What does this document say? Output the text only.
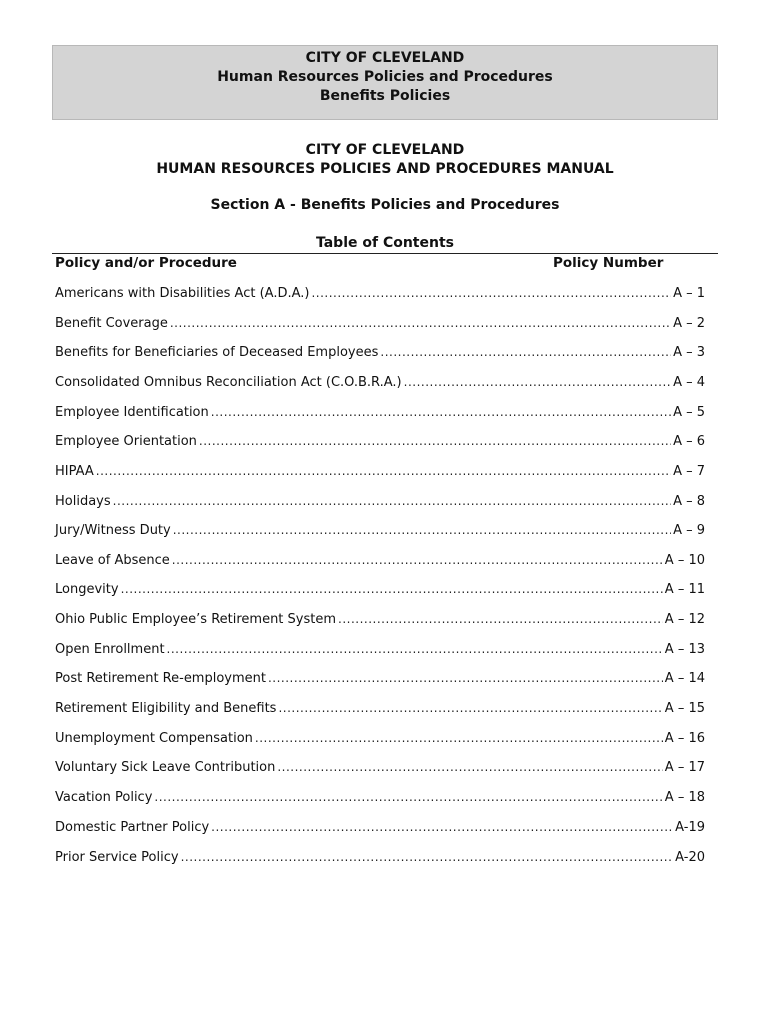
CITY OF CLEVELAND
Human Resources Policies and Procedures
Benefits Policies
CITY OF CLEVELAND
HUMAN RESOURCES POLICIES AND PROCEDURES MANUAL
Section A - Benefits Policies and Procedures
Table of Contents
Policy and/or Procedure	Policy Number
Americans with Disabilities Act (A.D.A.) .....	A – 1
Benefit Coverage .....	A – 2
Benefits for Beneficiaries of Deceased Employees .....	A – 3
Consolidated Omnibus Reconciliation Act (C.O.B.R.A.) .....	A – 4
Employee Identification .....	A – 5
Employee Orientation .....	A – 6
HIPAA .....	A – 7
Holidays .....	A – 8
Jury/Witness Duty .....	A – 9
Leave of Absence .....	A – 10
Longevity .....	A – 11
Ohio Public Employee’s Retirement System .....	A – 12
Open Enrollment .....	A – 13
Post Retirement Re-employment .....	A – 14
Retirement Eligibility and Benefits .....	A – 15
Unemployment Compensation .....	A – 16
Voluntary Sick Leave Contribution .....	A – 17
Vacation Policy .....	A – 18
Domestic Partner Policy .....	A-19
Prior Service Policy .....	A-20
